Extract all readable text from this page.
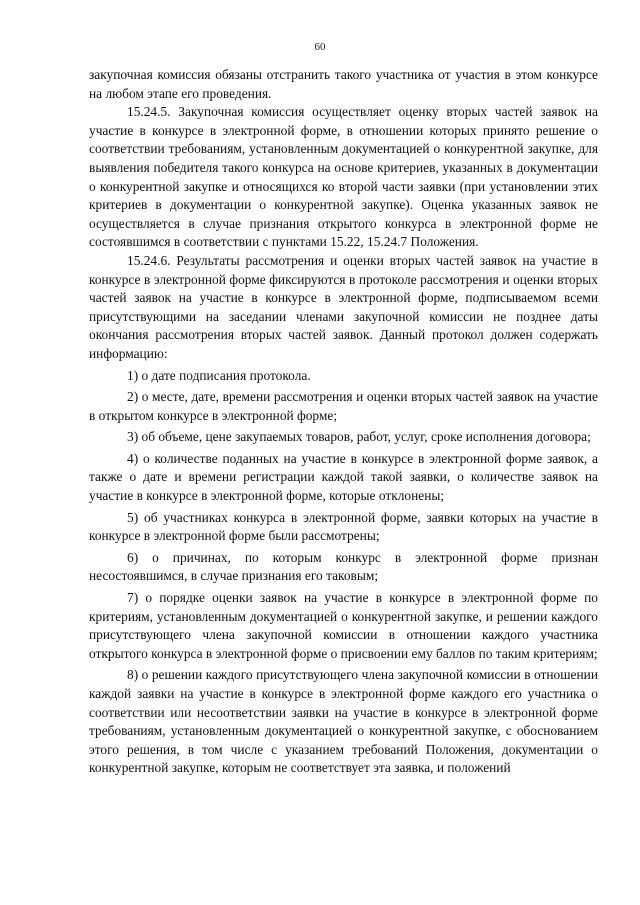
60

закупочная комиссия обязаны отстранить такого участника от участия в этом конкурсе на любом этапе его проведения.

15.24.5. Закупочная комиссия осуществляет оценку вторых частей заявок на участие в конкурсе в электронной форме, в отношении которых принято решение о соответствии требованиям, установленным документацией о конкурентной закупке, для выявления победителя такого конкурса на основе критериев, указанных в документации о конкурентной закупке и относящихся ко второй части заявки (при установлении этих критериев в документации о конкурентной закупке). Оценка указанных заявок не осуществляется в случае признания открытого конкурса в электронной форме не состоявшимся в соответствии с пунктами 15.22, 15.24.7 Положения.

15.24.6. Результаты рассмотрения и оценки вторых частей заявок на участие в конкурсе в электронной форме фиксируются в протоколе рассмотрения и оценки вторых частей заявок на участие в конкурсе в электронной форме, подписываемом всеми присутствующими на заседании членами закупочной комиссии не позднее даты окончания рассмотрения вторых частей заявок. Данный протокол должен содержать информацию:

1) о дате подписания протокола.

2) о месте, дате, времени рассмотрения и оценки вторых частей заявок на участие в открытом конкурсе в электронной форме;

3) об объеме, цене закупаемых товаров, работ, услуг, сроке исполнения договора;

4) о количестве поданных на участие в конкурсе в электронной форме заявок, а также о дате и времени регистрации каждой такой заявки, о количестве заявок на участие в конкурсе в электронной форме, которые отклонены;

5) об участниках конкурса в электронной форме, заявки которых на участие в конкурсе в электронной форме были рассмотрены;

6) о причинах, по которым конкурс в электронной форме признан несостоявшимся, в случае признания его таковым;

7) о порядке оценки заявок на участие в конкурсе в электронной форме по критериям, установленным документацией о конкурентной закупке, и решении каждого присутствующего члена закупочной комиссии в отношении каждого участника открытого конкурса в электронной форме о присвоении ему баллов по таким критериям;

8) о решении каждого присутствующего члена закупочной комиссии в отношении каждой заявки на участие в конкурсе в электронной форме каждого его участника о соответствии или несоответствии заявки на участие в конкурсе в электронной форме требованиям, установленным документацией о конкурентной закупке, с обоснованием этого решения, в том числе с указанием требований Положения, документации о конкурентной закупке, которым не соответствует эта заявка, и положений
